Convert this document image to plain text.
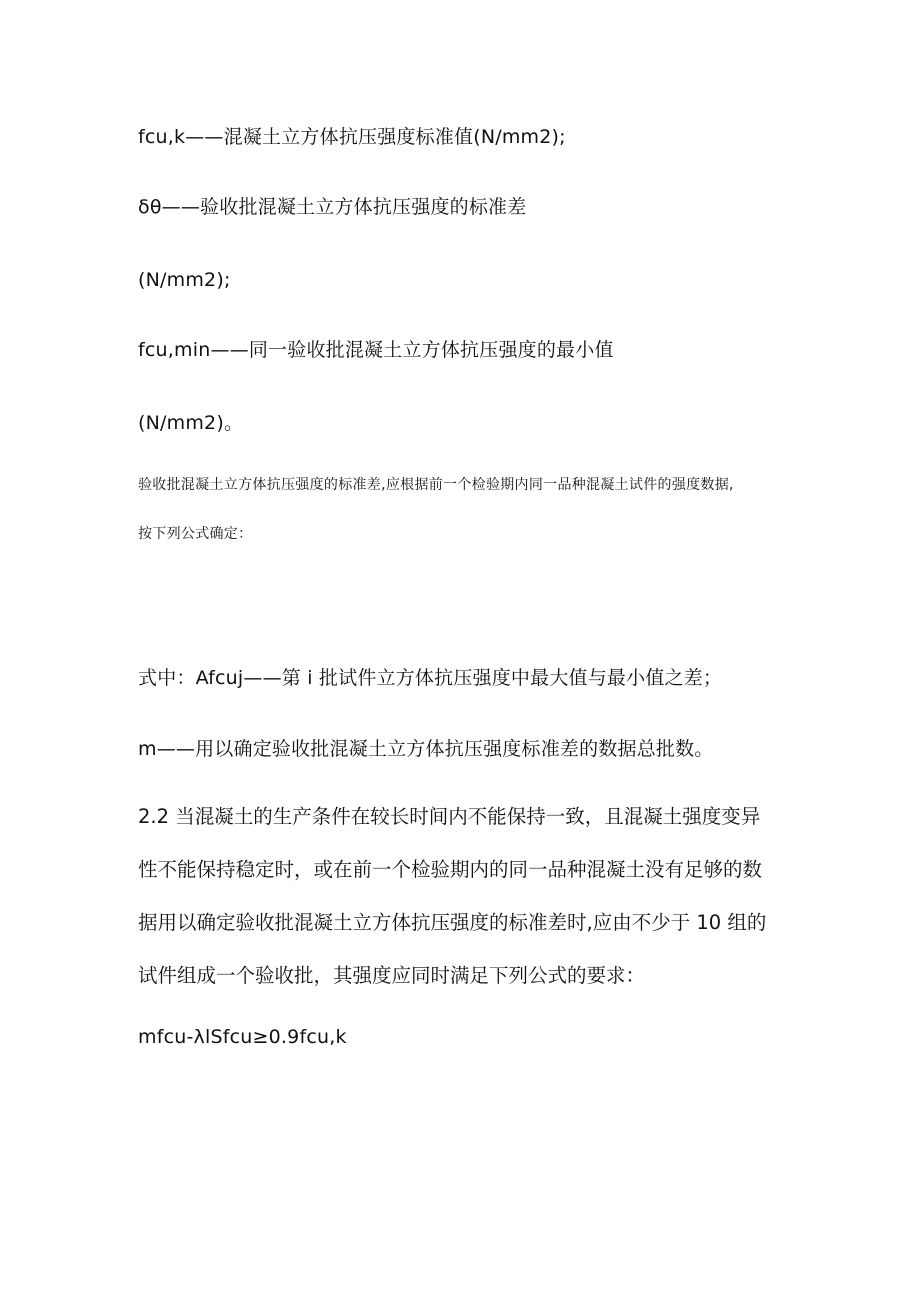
fcu,k——混凝土立方体抗压强度标准值(N/mm2);
δθ——验收批混凝土立方体抗压强度的标准差
(N/mm2);
fcu,min——同一验收批混凝土立方体抗压强度的最小值
(N/mm2)。
验收批混凝土立方体抗压强度的标准差,应根据前一个检验期内同一品种混凝土试件的强度数据,
按下列公式确定：
式中：Afcuj——第 i 批试件立方体抗压强度中最大值与最小值之差；
m——用以确定验收批混凝土立方体抗压强度标准差的数据总批数。
2.2 当混凝土的生产条件在较长时间内不能保持一致，且混凝土强度变异
性不能保持稳定时，或在前一个检验期内的同一品种混凝土没有足够的数
据用以确定验收批混凝土立方体抗压强度的标准差时,应由不少于 10 组的
试件组成一个验收批，其强度应同时满足下列公式的要求：
mfcu-λlSfcu≥0.9fcu,k
